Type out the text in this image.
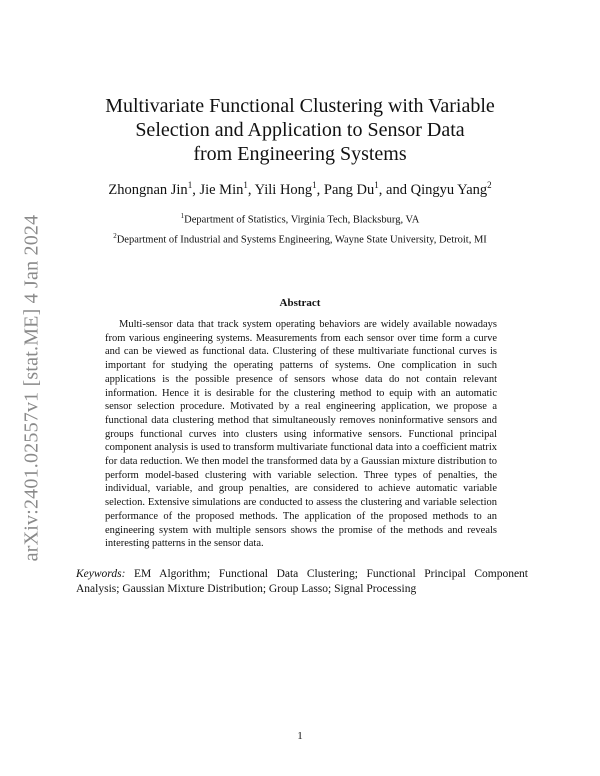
arXiv:2401.02557v1 [stat.ME] 4 Jan 2024
Multivariate Functional Clustering with Variable
Selection and Application to Sensor Data
from Engineering Systems
Zhongnan Jin$^1$, Jie Min$^1$, Yili Hong$^1$, Pang Du$^1$, and Qingyu Yang$^2$
$^1$Department of Statistics, Virginia Tech, Blacksburg, VA
$^2$Department of Industrial and Systems Engineering, Wayne State University, Detroit, MI
Abstract

Multi-sensor data that track system operating behaviors are widely available nowadays from various engineering systems. Measurements from each sensor over time form a curve and can be viewed as functional data. Clustering of these multivariate functional curves is important for studying the operating patterns of systems. One complication in such applications is the possible presence of sensors whose data do not contain relevant information. Hence it is desirable for the clustering method to equip with an automatic sensor selection procedure. Motivated by a real engineering application, we propose a functional data clustering method that simultaneously removes noninformative sensors and groups functional curves into clusters using informative sensors. Functional principal component analysis is used to transform multivariate functional data into a coefficient matrix for data reduction. We then model the transformed data by a Gaussian mixture distribution to perform model-based clustering with variable selection. Three types of penalties, the individual, variable, and group penalties, are considered to achieve automatic variable selection. Extensive simulations are conducted to assess the clustering and variable selection performance of the proposed methods. The application of the proposed methods to an engineering system with multiple sensors shows the promise of the methods and reveals interesting patterns in the sensor data.

Keywords: EM Algorithm; Functional Data Clustering; Functional Principal Component Analysis; Gaussian Mixture Distribution; Group Lasso; Signal Processing

1
